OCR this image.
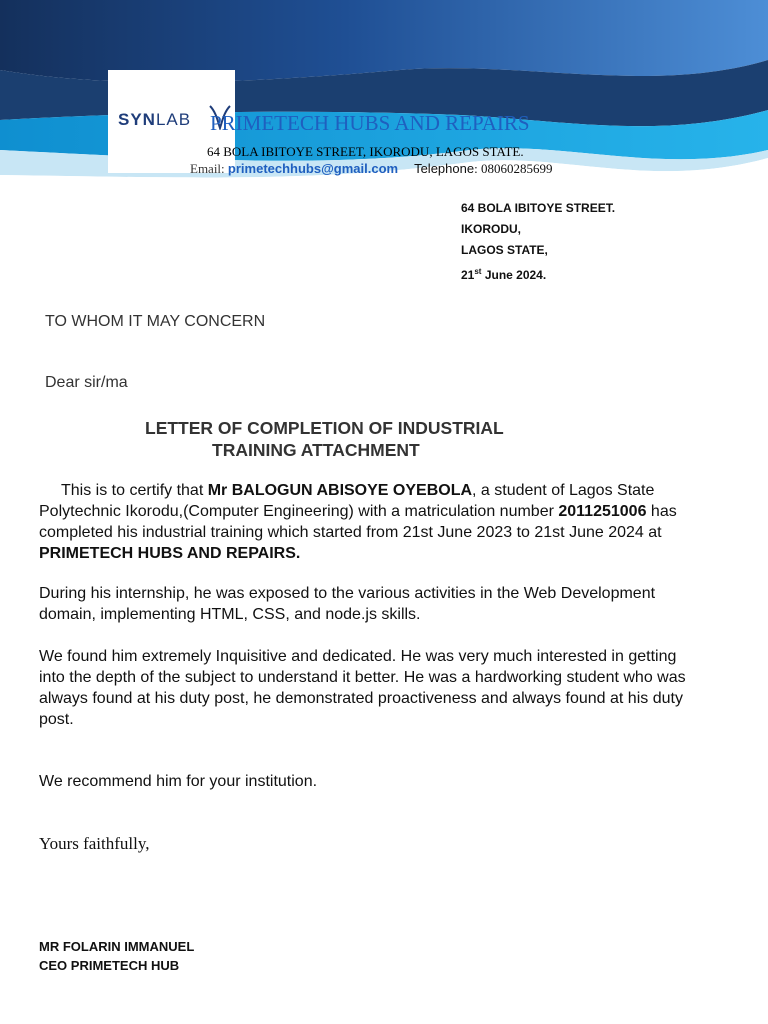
SYNLAB PRIMETECH HUBS AND REPAIRS
64 BOLA IBITOYE STREET, IKORODU, LAGOS STATE.
Email: primetechhubs@gmail.com Telephone: 08060285699
64 BOLA IBITOYE STREET.
IKORODU,
LAGOS STATE,
21st June 2024.
TO WHOM IT MAY CONCERN
Dear sir/ma
LETTER OF COMPLETION OF INDUSTRIAL
TRAINING ATTACHMENT
This is to certify that Mr BALOGUN ABISOYE OYEBOLA, a student of Lagos State Polytechnic Ikorodu,(Computer Engineering) with a matriculation number 2011251006 has completed his industrial training which started from 21st June 2023 to 21st June 2024 at PRIMETECH HUBS AND REPAIRS.
During his internship, he was exposed to the various activities in the Web Development domain, implementing HTML, CSS, and node.js skills.
We found him extremely Inquisitive and dedicated. He was very much interested in getting into the depth of the subject to understand it better. He was a hardworking student who was always found at his duty post, he demonstrated proactiveness and always found at his duty post.
We recommend him for your institution.
Yours faithfully,
MR FOLARIN IMMANUEL
CEO PRIMETECH HUB
